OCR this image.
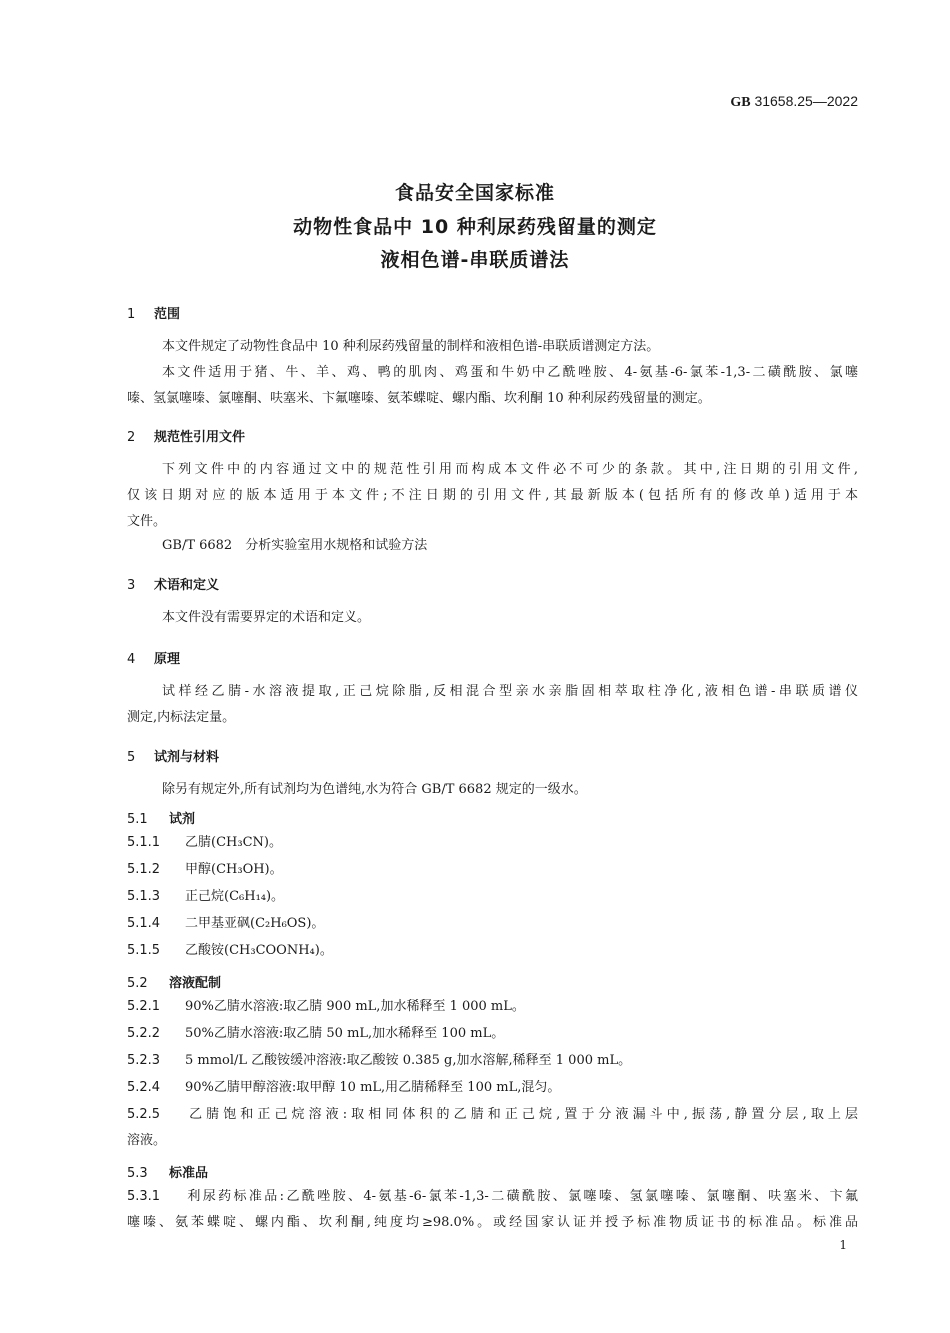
GB 31658.25—2022
食品安全国家标准
动物性食品中 10 种利尿药残留量的测定
液相色谱-串联质谱法
1 范围
本文件规定了动物性食品中 10 种利尿药残留量的制样和液相色谱-串联质谱测定方法。
本文件适用于猪、牛、羊、鸡、鸭的肌肉、鸡蛋和牛奶中乙酰唑胺、4-氨基-6-氯苯-1,3-二磺酰胺、氯噻
嗪、氢氯噻嗪、氯噻酮、呋塞米、卞氟噻嗪、氨苯蝶啶、螺内酯、坎利酮 10 种利尿药残留量的测定。
2 规范性引用文件
下列文件中的内容通过文中的规范性引用而构成本文件必不可少的条款。其中,注日期的引用文件,
仅该日期对应的版本适用于本文件;不注日期的引用文件,其最新版本(包括所有的修改单)适用于本
文件。
GB/T 6682　分析实验室用水规格和试验方法
3 术语和定义
本文件没有需要界定的术语和定义。
4 原理
试样经乙腈-水溶液提取,正己烷除脂,反相混合型亲水亲脂固相萃取柱净化,液相色谱-串联质谱仪
测定,内标法定量。
5 试剂与材料
除另有规定外,所有试剂均为色谱纯,水为符合 GB/T 6682 规定的一级水。
5.1 试剂
5.1.1 乙腈(CH₃CN)。
5.1.2 甲醇(CH₃OH)。
5.1.3 正己烷(C₆H₁₄)。
5.1.4 二甲基亚砜(C₂H₆OS)。
5.1.5 乙酸铵(CH₃COONH₄)。
5.2 溶液配制
5.2.1 90%乙腈水溶液:取乙腈 900 mL,加水稀释至 1 000 mL。
5.2.2 50%乙腈水溶液:取乙腈 50 mL,加水稀释至 100 mL。
5.2.3 5 mmol/L 乙酸铵缓冲溶液:取乙酸铵 0.385 g,加水溶解,稀释至 1 000 mL。
5.2.4 90%乙腈甲醇溶液:取甲醇 10 mL,用乙腈稀释至 100 mL,混匀。
5.2.5 乙腈饱和正己烷溶液:取相同体积的乙腈和正己烷,置于分液漏斗中,振荡,静置分层,取上层
溶液。
5.3 标准品
5.3.1 利尿药标准品:乙酰唑胺、4-氨基-6-氯苯-1,3-二磺酰胺、氯噻嗪、氢氯噻嗪、氯噻酮、呋塞米、卞氟
噻嗪、氨苯蝶啶、螺内酯、坎利酮,纯度均≥98.0%。或经国家认证并授予标准物质证书的标准品。标准品
1
